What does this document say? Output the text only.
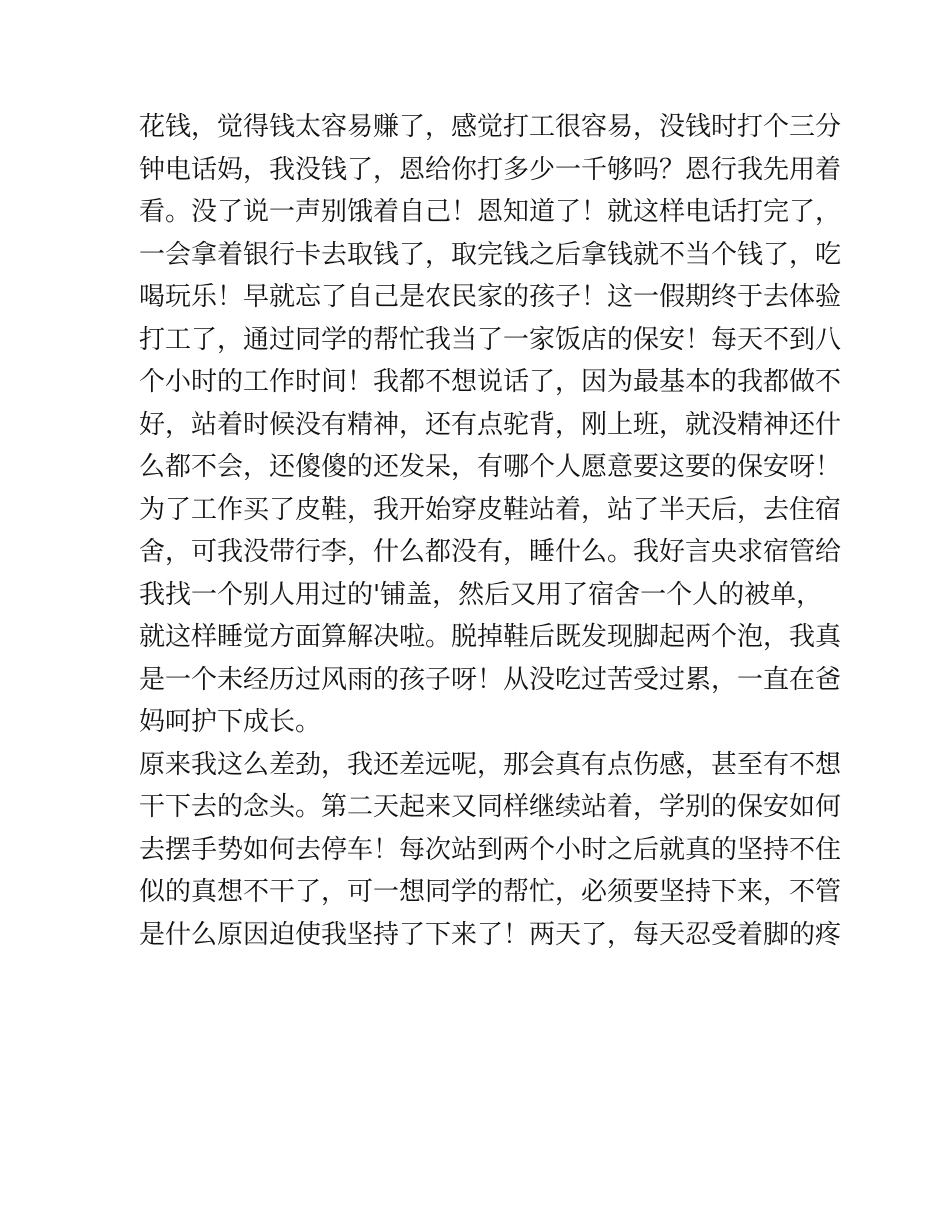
花钱，觉得钱太容易赚了，感觉打工很容易，没钱时打个三分
钟电话妈，我没钱了，恩给你打多少一千够吗？恩行我先用着
看。没了说一声别饿着自己！恩知道了！就这样电话打完了，
一会拿着银行卡去取钱了，取完钱之后拿钱就不当个钱了，吃
喝玩乐！早就忘了自己是农民家的孩子！这一假期终于去体验
打工了，通过同学的帮忙我当了一家饭店的保安！每天不到八
个小时的工作时间！我都不想说话了，因为最基本的我都做不
好，站着时候没有精神，还有点驼背，刚上班，就没精神还什
么都不会，还傻傻的还发呆，有哪个人愿意要这要的保安呀！
为了工作买了皮鞋，我开始穿皮鞋站着，站了半天后，去住宿
舍，可我没带行李，什么都没有，睡什么。我好言央求宿管给
我找一个别人用过的'铺盖，然后又用了宿舍一个人的被单，
就这样睡觉方面算解决啦。脱掉鞋后既发现脚起两个泡，我真
是一个未经历过风雨的孩子呀！从没吃过苦受过累，一直在爸
妈呵护下成长。
原来我这么差劲，我还差远呢，那会真有点伤感，甚至有不想
干下去的念头。第二天起来又同样继续站着，学别的保安如何
去摆手势如何去停车！每次站到两个小时之后就真的坚持不住
似的真想不干了，可一想同学的帮忙，必须要坚持下来，不管
是什么原因迫使我坚持了下来了！两天了，每天忍受着脚的疼
